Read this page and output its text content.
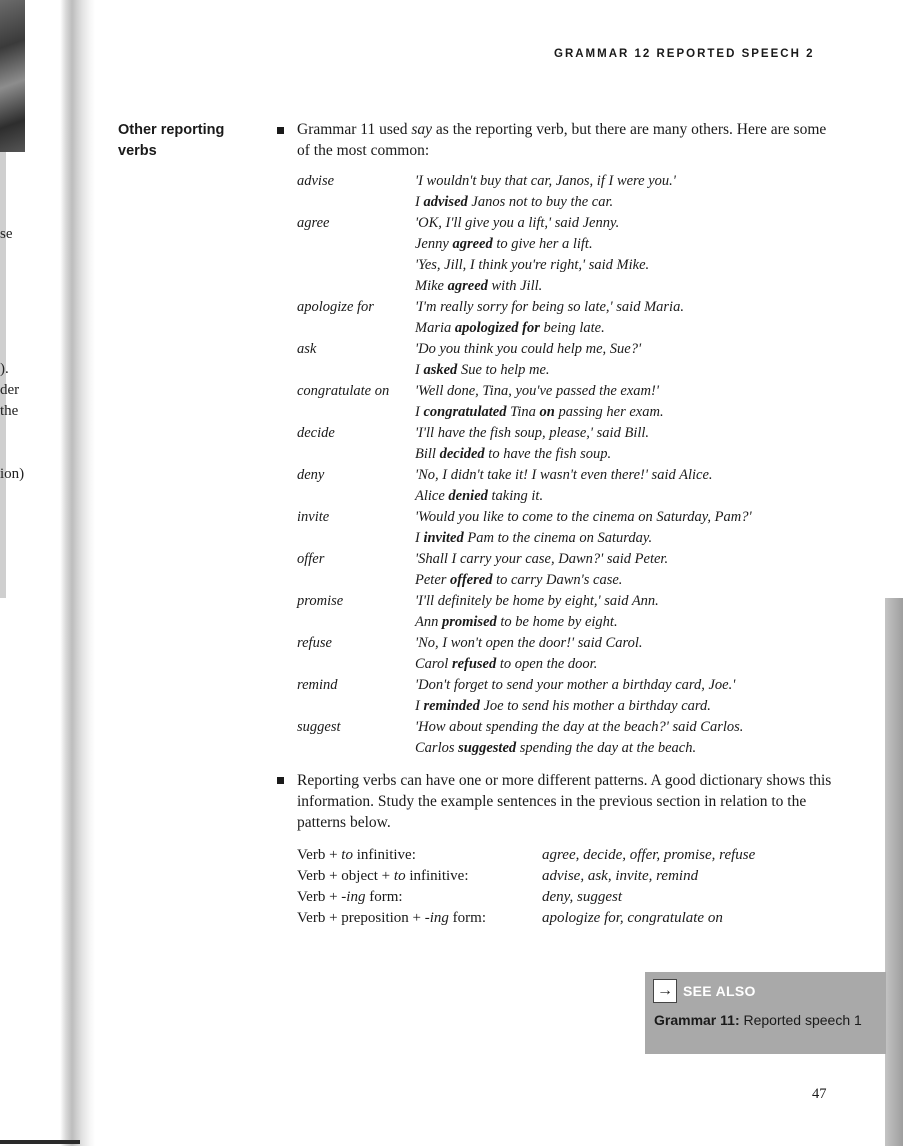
se
).
der
the
ion)
GRAMMAR 12 REPORTED SPEECH 2
Other reporting verbs
Grammar 11 used say as the reporting verb, but there are many others. Here are some of the most common:
advise	'I wouldn't buy that car, Janos, if I were you.'
I advised Janos not to buy the car.
agree	'OK, I'll give you a lift,' said Jenny.
Jenny agreed to give her a lift.
'Yes, Jill, I think you're right,' said Mike.
Mike agreed with Jill.
apologize for	'I'm really sorry for being so late,' said Maria.
Maria apologized for being late.
ask	'Do you think you could help me, Sue?'
I asked Sue to help me.
congratulate on	'Well done, Tina, you've passed the exam!'
I congratulated Tina on passing her exam.
decide	'I'll have the fish soup, please,' said Bill.
Bill decided to have the fish soup.
deny	'No, I didn't take it! I wasn't even there!' said Alice.
Alice denied taking it.
invite	'Would you like to come to the cinema on Saturday, Pam?'
I invited Pam to the cinema on Saturday.
offer	'Shall I carry your case, Dawn?' said Peter.
Peter offered to carry Dawn's case.
promise	'I'll definitely be home by eight,' said Ann.
Ann promised to be home by eight.
refuse	'No, I won't open the door!' said Carol.
Carol refused to open the door.
remind	'Don't forget to send your mother a birthday card, Joe.'
I reminded Joe to send his mother a birthday card.
suggest	'How about spending the day at the beach?' said Carlos.
Carlos suggested spending the day at the beach.
Reporting verbs can have one or more different patterns. A good dictionary shows this information. Study the example sentences in the previous section in relation to the patterns below.
Verb + to infinitive:	agree, decide, offer, promise, refuse
Verb + object + to infinitive:	advise, ask, invite, remind
Verb + -ing form:	deny, suggest
Verb + preposition + -ing form:	apologize for, congratulate on
→ SEE ALSO
Grammar 11: Reported speech 1
47
